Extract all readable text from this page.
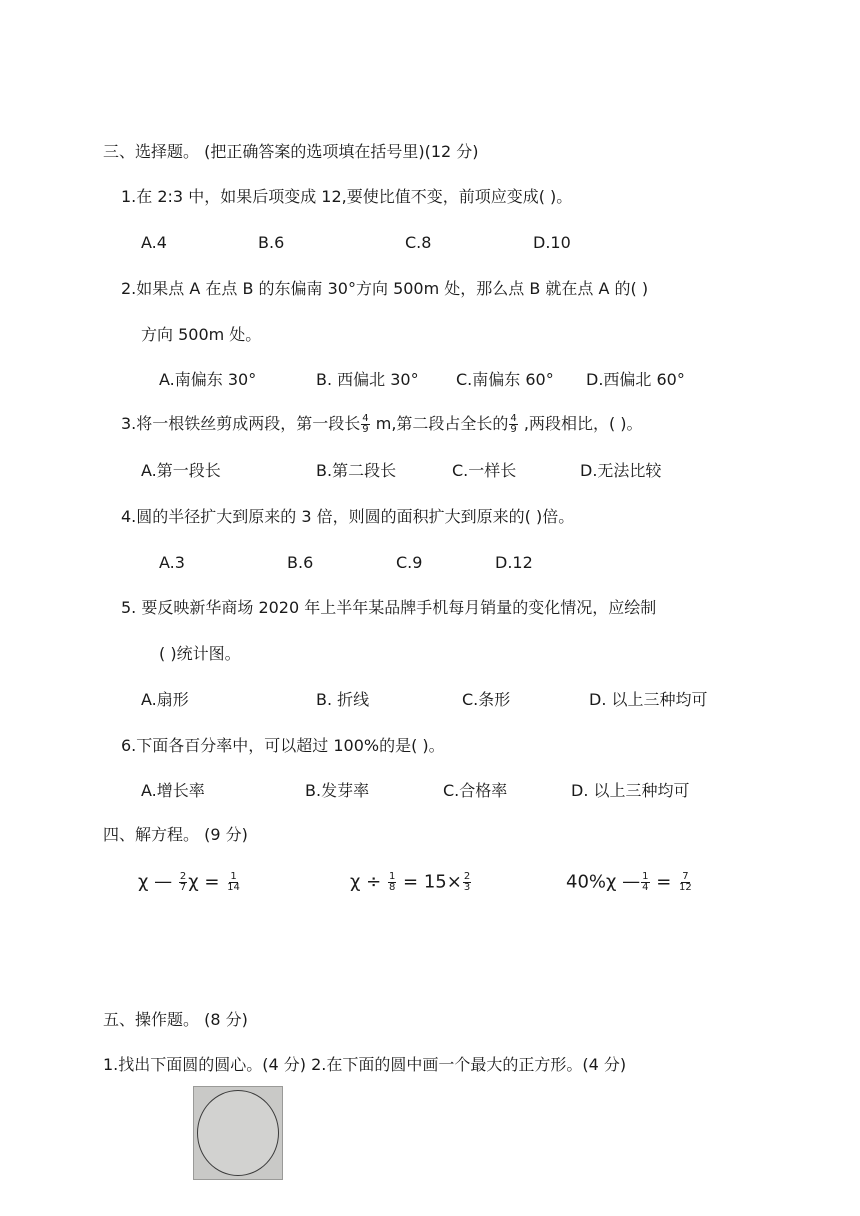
三、选择题。 (把正确答案的选项填在括号里)(12 分)
1.在 2:3 中，如果后项变成 12,要使比值不变，前项应变成( )。
A.4	B.6	C.8	D.10
2.如果点 A 在点 B 的东偏南 30°方向 500m 处，那么点 B 就在点 A 的( )
方向 500m 处。
A.南偏东 30°	B. 西偏北 30° C.南偏东 60° D.西偏北 60°
3.将一根铁丝剪成两段，第一段长 $\frac{4}{9} m$,第二段占全长的 $\frac{4}{9}$ ,两段相比，( )。
A.第一段长	B.第二段长	C.一样长	D.无法比较
4.圆的半径扩大到原来的 3 倍，则圆的面积扩大到原来的( )倍。
A.3	B.6	C.9	D.12
5. 要反映新华商场 2020 年上半年某品牌手机每月销量的变化情况，应绘制
( )统计图。
A.扇形	B. 折线	C.条形	D. 以上三种均可
6.下面各百分率中，可以超过 100%的是( )。
A.增长率	B.发芽率	C.合格率	D. 以上三种均可
四、解方程。 (9 分)
χ — $\frac{2}{7}$ $\chi = \frac{1}{14}$	$\chi \div \frac{1}{8} = 15\times \frac{2}{3}$	40%χ — $\frac{1}{4} = \frac{7}{12}$
五、操作题。 (8 分)
1.找出下面圆的圆心。(4 分) 2.在下面的圆中画一个最大的正方形。(4 分)
